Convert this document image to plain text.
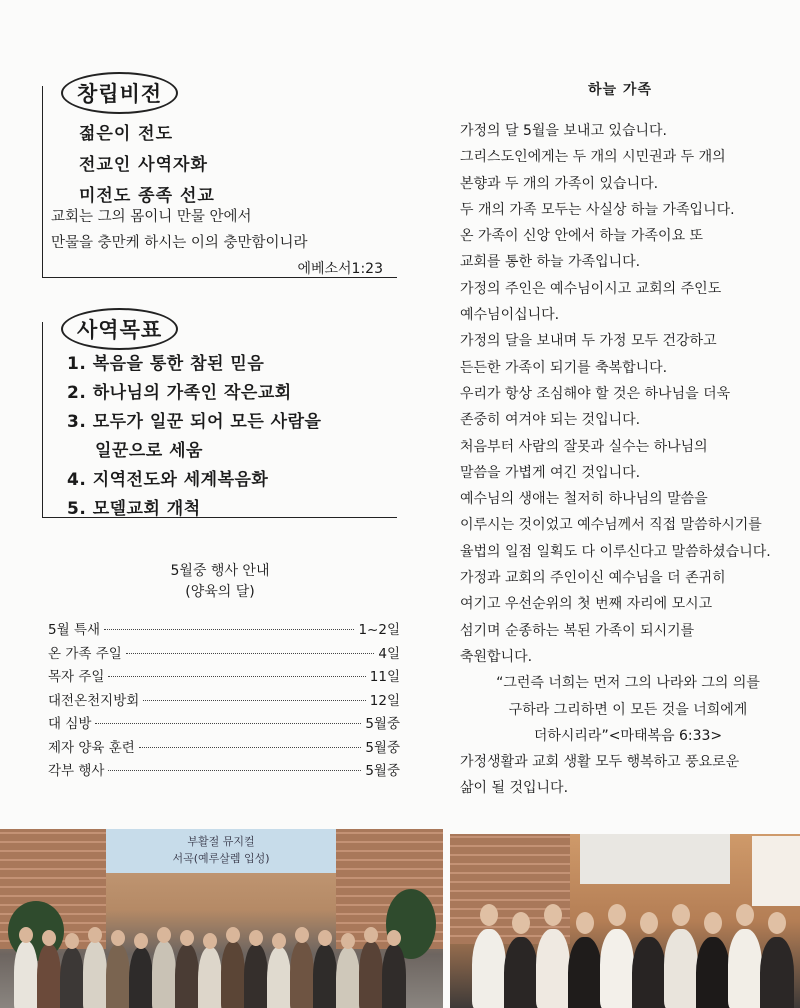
창립비전
젊은이 전도
전교인 사역자화
미전도 종족 선교
교회는 그의 몸이니 만물 안에서
만물을 충만케 하시는 이의 충만함이니라
에베소서1:23
사역목표
1. 복음을 통한 참된 믿음
2. 하나님의 가족인 작은교회
3. 모두가 일꾼 되어 모든 사람을
일꾼으로 세움
4. 지역전도와 세계복음화
5. 모델교회 개척
5월중 행사 안내
(양육의 달)
5월 특새	1~2일
온 가족 주일	4일
목자 주일	11일
대전온천지방회	12일
대 심방	5월중
제자 양육 훈련	5월중
각부 행사	5월중
하늘 가족
가정의 달 5월을 보내고 있습니다.
그리스도인에게는 두 개의 시민권과 두 개의
본향과 두 개의 가족이 있습니다.
두 개의 가족 모두는 사실상 하늘 가족입니다.
온 가족이 신앙 안에서 하늘 가족이요 또
교회를 통한 하늘 가족입니다.
가정의 주인은 예수님이시고 교회의 주인도
예수님이십니다.
가정의 달을 보내며 두 가정 모두 건강하고
든든한 가족이 되기를 축복합니다.
우리가 항상 조심해야 할 것은 하나님을 더욱
존중히 여겨야 되는 것입니다.
처음부터 사람의 잘못과 실수는 하나님의
말씀을 가볍게 여긴 것입니다.
예수님의 생애는 철저히 하나님의 말씀을
이루시는 것이었고 예수님께서 직접 말씀하시기를
율법의 일점 일획도 다 이루신다고 말씀하셨습니다.
가정과 교회의 주인이신 예수님을 더 존귀히
여기고 우선순위의 첫 번째 자리에 모시고
섬기며 순종하는 복된 가족이 되시기를
축원합니다.
“그런즉 너희는 먼저 그의 나라와 그의 의를
구하라 그리하면 이 모든 것을 너희에게
더하시리라”<마태복음 6:33>
가정생활과 교회 생활 모두 행복하고 풍요로운
삶이 될 것입니다.
부활절 뮤지컬
서곡(예루살렘 입성)
